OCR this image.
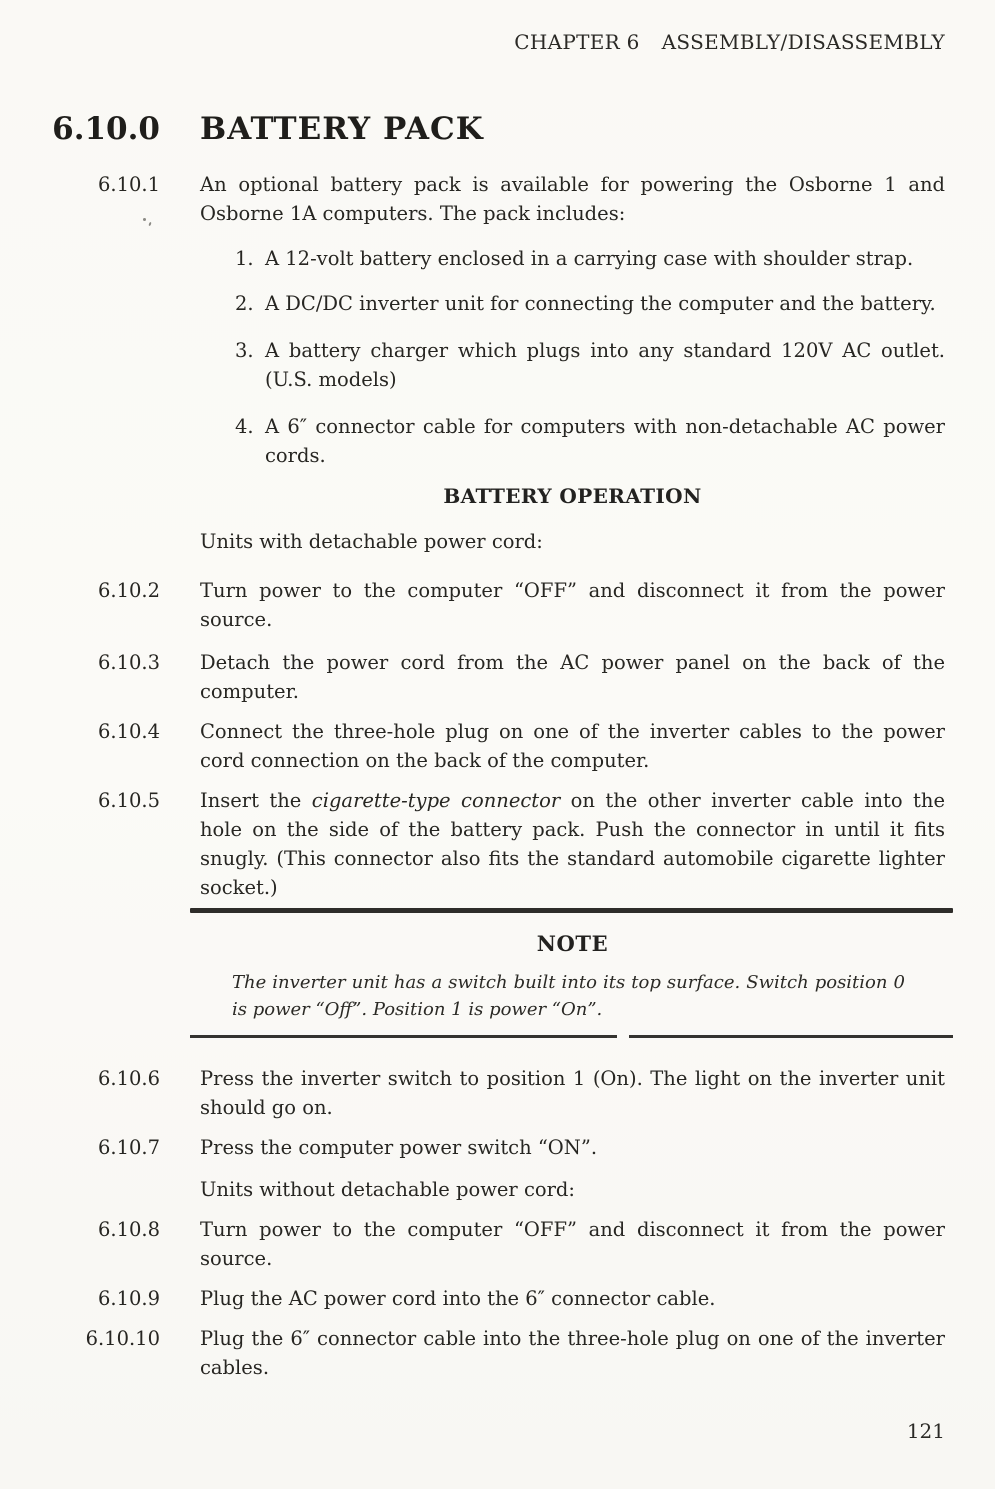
CHAPTER 6 ASSEMBLY/DISASSEMBLY
6.10.0 BATTERY PACK
6.10.1 An optional battery pack is available for powering the Osborne 1 and Osborne 1A computers. The pack includes:
1. A 12-volt battery enclosed in a carrying case with shoulder strap.
2. A DC/DC inverter unit for connecting the computer and the battery.
3. A battery charger which plugs into any standard 120V AC outlet. (U.S. models)
4. A 6″ connector cable for computers with non-detachable AC power cords.
BATTERY OPERATION
Units with detachable power cord:
6.10.2 Turn power to the computer “OFF” and disconnect it from the power source.
6.10.3 Detach the power cord from the AC power panel on the back of the computer.
6.10.4 Connect the three-hole plug on one of the inverter cables to the power cord connection on the back of the computer.
6.10.5 Insert the cigarette-type connector on the other inverter cable into the hole on the side of the battery pack. Push the connector in until it fits snugly. (This connector also fits the standard automobile cigarette lighter socket.)
NOTE
The inverter unit has a switch built into its top surface. Switch position 0 is power “Off”. Position 1 is power “On”.
6.10.6 Press the inverter switch to position 1 (On). The light on the inverter unit should go on.
6.10.7 Press the computer power switch “ON”.
Units without detachable power cord:
6.10.8 Turn power to the computer “OFF” and disconnect it from the power source.
6.10.9 Plug the AC power cord into the 6″ connector cable.
6.10.10 Plug the 6″ connector cable into the three-hole plug on one of the inverter cables.
121
